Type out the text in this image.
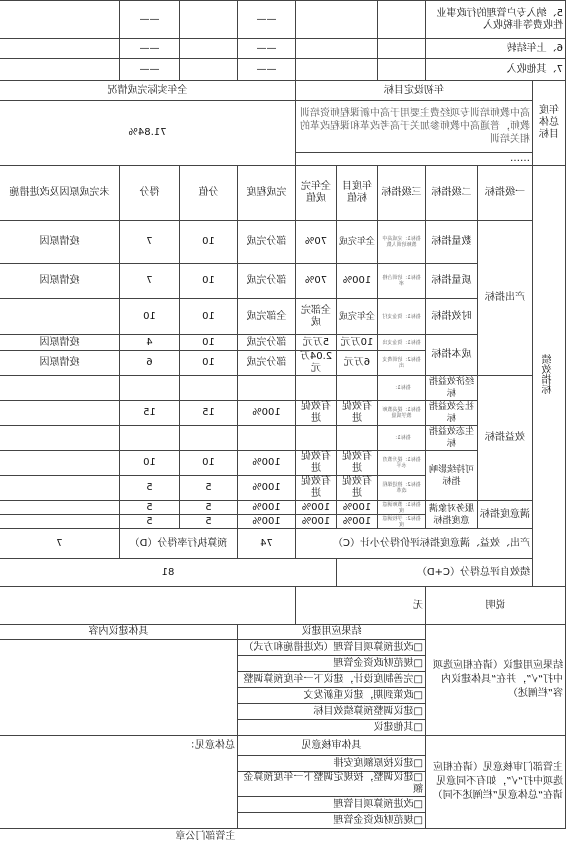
5、纳入专户管理的行政事业性收费等非税收入						——		——	
6、上年结转						——		——	
7、其他收入						——		——	
年度总体目标	年初设定目标					全年实际完成情况			
	高中教师培训专项经费主要用于高中新课程师资培训教师，普通高中教师参加关于高考改革和课程改革的相关培训					71.84%			
	……								
绩效指标	一级指标	二级指标	三级指标	年度目标值	全年完成值	完成程度	分值	得分	未完成原因及改进措施
	产出指标	数量指标	指标1：完成高中教师培训人数	全年完成	70%	部分完成	10	7	疫情原因
		质量指标	指标1：培训合格率	100%	70%	部分完成	10	7	疫情原因
		时效指标	指标1：资金支付	全年完成	全部完成	全部完成	10	10	
		成本指标	指标1：资金支出	10万元	5万元	部分完成	10	4	疫情原因
			指标2：培训费支出	6万元	2.04万元	部分完成	10	6	疫情原因
	效益指标	经济效益指标	指标1：						
		社会效益指标	指标1：提高教师教学质量	有效促进	有效促进	100%	15	15	
		生态效益指标	指标1：						
		可持续影响指标	指标1：提升教育水平	有效促进	有效促进	100%	10	10	
			指标2：推进课程改革	有效促进	有效促进	100%	5	5	
	满意度指标	服务对象满意度指标	指标1：教师满意度	100%	100%	100%	5	5	
			指标2：学校满意度	100%	100%	100%	5	5	
	产出、效益、满意度指标评价得分小计（C）					74	预算执行率得分（D）		7
	绩效自评总得分（C+D）				81				
说明			无						
结果应用建议（请在相应选项中打“√”，并在“具体建议内容”栏阐述）			结果应用建议				具体建议内容		
			□改进预算项目管理（改进措施和方式）						
			□规范财政资金管理						
			□完善制度设计，建议下一年度预算调整						
			□政策到期，建议重新发文						
			□建议调整预算绩效目标						
			□其他建议						
主管部门审核意见（请在相应选项中打“√”，如有不同意见请在“总体意见”栏阐述不同）			具体审核意见				总体意见：		
			□建议按原额度安排						
			□建议调整，按规定调整下一年度预算金额						
			□改进预算项目管理						
			□规范财政资金管理						
							主管部门公章		
